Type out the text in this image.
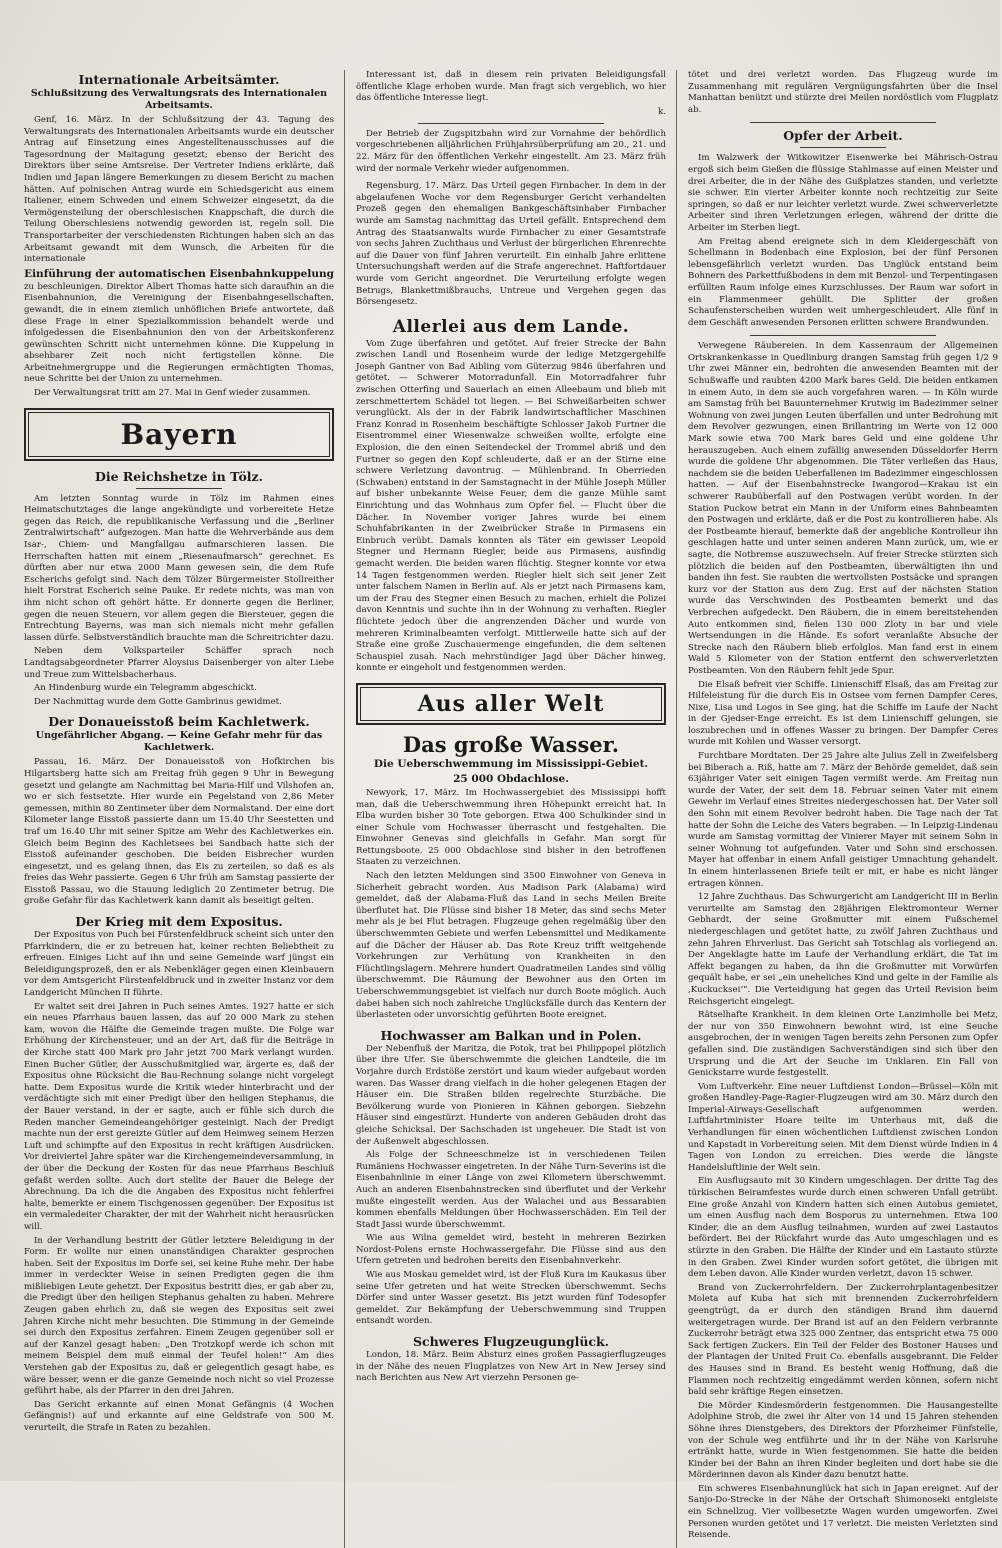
Internationale Arbeitsämter.
Schlußsitzung des Verwaltungsrats des Internationalen Arbeitsamts.

Genf, 16. März. In der Schlußsitzung der 43. Tagung des Verwaltungsrats des Internationalen Arbeitsamts wurde ein deutscher Antrag auf Einsetzung eines Angestelltenausschusses auf die Tagesordnung der Maitagung gesetzt; ebenso der Bericht des Direktors über seine Amtsreise. Der Vertreter Indiens erklärte, daß Indien und Japan längere Bemerkungen zu diesem Bericht zu machen hätten. Auf polnischen Antrag wurde ein Schiedsgericht aus einem Italiener, einem Schweden und einem Schweizer eingesetzt, da die Vermögensteilung der oberschlesischen Knappschaft, die durch die Teilung Oberschlesiens notwendig geworden ist, regeln soll. Die Transportarbeiter der verschiedensten Richtungen haben sich an das Arbeitsamt gewandt mit dem Wunsch, die Arbeiten für die internationale

Einführung der automatischen Eisenbahnkuppelung

zu beschleunigen. Direktor Albert Thomas hatte sich daraufhin an die Eisenbahnunion, die Vereinigung der Eisenbahngesellschaften, gewandt, die in einem ziemlich unhöflichen Briefe antwortete, daß diese Frage in einer Spezialkommission behandelt werde und infolgedessen die Eisenbahnunion den von der Arbeitskonferenz gewünschten Schritt nicht unternehmen könne. Die Kuppelung in absehbarer Zeit noch nicht fertigstellen könne. Die Arbeitnehmergruppe und die Regierungen ermächtigten Thomas, neue Schritte bei der Union zu unternehmen.

Der Verwaltungsrat tritt am 27. Mai in Genf wieder zusammen.

Bayern
Die Reichshetze in Tölz.

Am letzten Sonntag wurde in Tölz im Rahmen eines Heimatschutztages die lange angekündigte und vorbereitete Hetze gegen das Reich, die republikanische Verfassung und die „Berliner Zentralwirtschaft“ aufgezogen. Man hatte die Wehrverbände aus dem Isar-, Chiem- und Mangfallgau aufmarschieren lassen. Die Herrschaften hatten mit einem „Riesenaufmarsch“ gerechnet. Es dürften aber nur etwa 2000 Mann gewesen sein, die dem Rufe Escherichs gefolgt sind. Nach dem Tölzer Bürgermeister Stollreither hielt Forstrat Escherich seine Pauke. Er redete nichts, was man von ihm nicht schon oft gehört hätte. Er donnerte gegen die Berliner, gegen die neuen Steuern, vor allem gegen die Biersteuer, gegen die Entrechtung Bayerns, was man sich niemals nicht mehr gefallen lassen dürfe. Selbstverständlich brauchte man die Schreitrichter dazu.

Neben dem Volksparteiler Schäffer sprach noch Landtagsabgeordneter Pfarrer Aloysius Daisenberger von alter Liebe und Treue zum Wittelsbacherhaus.

An Hindenburg wurde ein Telegramm abgeschickt.

Der Nachmittag wurde dem Gotte Gambrinus gewidmet.

Der Donaueisstoß beim Kachletwerk.
Ungefährlicher Abgang. — Keine Gefahr mehr für das Kachletwerk.

Passau, 16. März. Der Donaueisstoß von Hofkirchen bis Hilgartsberg hatte sich am Freitag früh gegen 9 Uhr in Bewegung gesetzt und gelangte am Nachmittag bei Maria-Hilf und Vilshofen an, wo er sich festsetzte. Hier wurde ein Pegelstand von 2,86 Meter gemessen, mithin 80 Zentimeter über dem Normalstand. Der eine dort Kilometer lange Eisstoß passierte dann um 15.40 Uhr Seestetten und traf um 16.40 Uhr mit seiner Spitze am Wehr des Kachletwerkes ein. Gleich beim Beginn des Kachletsees bei Sandbach hatte sich der Eisstoß aufeinander geschoben. Die beiden Eisbrecher wurden eingesetzt, und es gelang ihnen, das Eis zu zerteilen, so daß es als freies das Wehr passierte. Gegen 6 Uhr früh am Samstag passierte der Eisstoß Passau, wo die Stauung lediglich 20 Zentimeter betrug. Die große Gefahr für das Kachletwerk kann damit als beseitigt gelten.

Der Krieg mit dem Expositus.

Der Expositus von Puch bei Fürstenfeldbruck scheint sich unter den Pfarrkindern, die er zu betreuen hat, keiner rechten Beliebtheit zu erfreuen. Einiges Licht auf ihn und seine Gemeinde warf jüngst ein Beleidigungsprozeß, den er als Nebenkläger gegen einen Kleinbauern vor dem Amtsgericht Fürstenfeldbruck und in zweiter Instanz vor dem Landgericht München II führte.

Er waltet seit drei Jahren in Puch seines Amtes. 1927 hatte er sich ein neues Pfarrhaus bauen lassen, das auf 20 000 Mark zu stehen kam, wovon die Hälfte die Gemeinde tragen mußte. Die Folge war Erhöhung der Kirchensteuer, und an der Art, daß für die Beiträge in der Kirche statt 400 Mark pro Jahr jetzt 700 Mark verlangt wurden. Einen Bucher Gütler, der Ausschußmitglied war, ärgerte es, daß der Expositus ohne Rücksicht die Bau-Rechnung solange nicht vorgelegt hatte. Dem Expositus wurde die Kritik wieder hinterbracht und der verdächtigte sich mit einer Predigt über den heiligen Stephanus, die der Bauer verstand, in der er sagte, auch er fühle sich durch die Reden mancher Gemeindeangehöriger gesteinigt. Nach der Predigt machte nun der erst gereizte Gütler auf dem Heimweg seinem Herzen Luft und schimpfte auf den Expositus in recht kräftigen Ausdrücken. Vor dreiviertel Jahre später war die Kirchengemeindeversammlung, in der über die Deckung der Kosten für das neue Pfarrhaus Beschluß gefaßt werden sollte. Auch dort stellte der Bauer die Belege der Abrechnung. Da ich die die Angaben des Expositus nicht fehlerfrei halte, bemerkte er einem Tischgenossen gegenüber: Der Expositus ist ein vermaledeiter Charakter, der mit der Wahrheit nicht herausrücken will.

In der Verhandlung bestritt der Gütler letztere Beleidigung in der Form. Er wollte nur einen unanständigen Charakter gesprochen haben. Seit der Expositus im Dorfe sei, sei keine Ruhe mehr. Der habe immer in verdeckter Weise in seinen Predigten gegen die ihm mißliebigen Leute gehetzt. Der Expositus bestritt dies, er gab aber zu, die Predigt über den heiligen Stephanus gehalten zu haben. Mehrere Zeugen gaben ehrlich zu, daß sie wegen des Expositus seit zwei Jahren Kirche nicht mehr besuchten. Die Stimmung in der Gemeinde sei durch den Expositus zerfahren. Einem Zeugen gegenüber soll er auf der Kanzel gesagt haben: „Den Trotzkopf werde ich schon mit meinem Beispiel dem muß einmal der Teufel holen!“ Am dies Verstehen gab der Expositus zu, daß er gelegentlich gesagt habe, es wäre besser, wenn er die ganze Gemeinde noch nicht so viel Prozesse geführt habe, als der Pfarrer in den drei Jahren.

Das Gericht erkannte auf einen Monat Gefängnis (4 Wochen Gefängnis!) auf und erkannte auf eine Geldstrafe von 500 M. verurteilt, die Strafe in Raten zu bezahlen.

Interessant ist, daß in diesem rein privaten Beleidigungsfall öffentliche Klage erhoben wurde. Man fragt sich vergeblich, wo hier das öffentliche Interesse liegt.

k.

Der Betrieb der Zugspitzbahn wird zur Vornahme der behördlich vorgeschriebenen alljährlichen Frühjahrsüberprüfung am 20., 21. und 22. März für den öffentlichen Verkehr eingestellt. Am 23. März früh wird der normale Verkehr wieder aufgenommen.

Regensburg, 17. März. Das Urteil gegen Firnbacher. In dem in der abgelaufenen Woche vor dem Regensburger Gericht verhandelten Prozeß gegen den ehemaligen Bankgeschäftsinhaber Firnbacher wurde am Samstag nachmittag das Urteil gefällt. Entsprechend dem Antrag des Staatsanwalts wurde Firnbacher zu einer Gesamtstrafe von sechs Jahren Zuchthaus und Verlust der bürgerlichen Ehrenrechte auf die Dauer von fünf Jahren verurteilt. Ein einhalb Jahre erlittene Untersuchungshaft werden auf die Strafe angerechnet. Haftfortdauer wurde vom Gericht angeordnet. Die Verurteilung erfolgte wegen Betrugs, Blankettmißbrauchs, Untreue und Vergehen gegen das Börsengesetz.

Allerlei aus dem Lande.

Vom Zuge überfahren und getötet. Auf freier Strecke der Bahn zwischen Landl und Rosenheim wurde der ledige Metzgergehilfe Joseph Gantner von Bad Aibling vom Güterzug 9846 überfahren und getötet. — Schwerer Motorradunfall. Ein Motorradfahrer fuhr zwischen Otterfing und Sauerlach an einen Alleebaum und blieb mit zerschmettertem Schädel tot liegen. — Bei Schweißarbeiten schwer verunglückt. Als der in der Fabrik landwirtschaftlicher Maschinen Franz Konrad in Rosenheim beschäftigte Schlosser Jakob Furtner die Eisentrommel einer Wiesenwalze schweißen wollte, erfolgte eine Explosion, die den einen Seitendeckel der Trommel abriß und den Furtner so gegen den Kopf schleuderte, daß er an der Stirne eine schwere Verletzung davontrug. — Mühlenbrand. In Oberrieden (Schwaben) entstand in der Samstagnacht in der Mühle Joseph Müller auf bisher unbekannte Weise Feuer, dem die ganze Mühle samt Einrichtung und das Wohnhaus zum Opfer fiel. — Flucht über die Dächer. In November voriger Jahres wurde bei einem Schuhfabrikanten in der Zweibrücker Straße in Pirmasens ein Einbruch verübt. Damals konnten als Täter ein gewisser Leopold Stegner und Hermann Riegler, beide aus Pirmasens, ausfindig gemacht werden. Die beiden waren flüchtig. Stegner konnte vor etwa 14 Tagen festgenommen werden. Riegler hielt sich seit jener Zeit unter falschem Namen in Berlin auf. Als er jetzt nach Pirmasens kam, um der Frau des Stegner einen Besuch zu machen, erhielt die Polizei davon Kenntnis und suchte ihn in der Wohnung zu verhaften. Riegler flüchtete jedoch über die angrenzenden Dächer und wurde von mehreren Kriminalbeamten verfolgt. Mittlerweile hatte sich auf der Straße eine große Zuschauermenge eingefunden, die dem seltenen Schauspiel zusah. Nach mehrstündiger Jagd über Dächer hinweg, konnte er eingeholt und festgenommen werden.

Aus aller Welt
Das große Wasser.
Die Ueberschwemmung im Mississippi-Gebiet.
25 000 Obdachlose.

Newyork, 17. März. Im Hochwassergebiet des Mississippi hofft man, daß die Ueberschwemmung ihren Höhepunkt erreicht hat. In Elba wurden bisher 30 Tote geborgen. Etwa 400 Schulkinder sind in einer Schule vom Hochwasser überrascht und festgehalten. Die Einwohner Genevas sind gleichfalls in Gefahr. Man sorgt für Rettungsboote. 25 000 Obdachlose sind bisher in den betroffenen Staaten zu verzeichnen.

Nach den letzten Meldungen sind 3500 Einwohner von Geneva in Sicherheit gebracht worden. Aus Madison Park (Alabama) wird gemeldet, daß der Alabama-Fluß das Land in sechs Meilen Breite überflutet hat. Die Flüsse sind bisher 18 Meter, das sind sechs Meter mehr als je bei Flut betragen. Flugzeuge gehen regelmäßig über den überschwemmten Gebiete und werfen Lebensmittel und Medikamente auf die Dächer der Häuser ab. Das Rote Kreuz trifft weitgehende Vorkehrungen zur Verhütung von Krankheiten in den Flüchtlingslagern. Mehrere hundert Quadratmeilen Landes sind völlig überschwemmt. Die Räumung der Bewohner aus den Orten im Ueberschwemmungsgebiet ist vielfach nur durch Boote möglich. Auch dabei haben sich noch zahlreiche Unglücksfälle durch das Kentern der überlasteten oder unvorsichtig geführten Boote ereignet.

Hochwasser am Balkan und in Polen.

Der Nebenfluß der Maritza, die Potok, trat bei Philippopel plötzlich über ihre Ufer. Sie überschwemmte die gleichen Landteile, die im Vorjahre durch Erdstöße zerstört und kaum wieder aufgebaut worden waren. Das Wasser drang vielfach in die hoher gelegenen Etagen der Häuser ein. Die Straßen bilden regelrechte Sturzbäche. Die Bevölkerung wurde von Pionieren in Kähnen geborgen. Siebzehn Häuser sind eingestürzt. Hunderte von anderen Gebäuden droht das gleiche Schicksal. Der Sachschaden ist ungeheuer. Die Stadt ist von der Außenwelt abgeschlossen.

Als Folge der Schneeschmelze ist in verschiedenen Teilen Rumäniens Hochwasser eingetreten. In der Nähe Turn-Severins ist die Eisenbahnlinie in einer Länge von zwei Kilometern überschwemmt. Auch an anderen Eisenbahnstrecken sind überflutet und der Verkehr mußte eingestellt werden. Aus der Walachei und aus Bessarabien kommen ebenfalls Meldungen über Hochwasserschäden. Ein Teil der Stadt Jassi wurde überschwemmt.

Wie aus Wilna gemeldet wird, besteht in mehreren Bezirken Nordost-Polens ernste Hochwassergefahr. Die Flüsse sind aus den Ufern getreten und bedrohen bereits den Eisenbahnverkehr.

Wie aus Moskau gemeldet wird, ist der Fluß Kura im Kaukasus über seine Ufer getreten und hat weite Strecken überschwemmt. Sechs Dörfer sind unter Wasser gesetzt. Bis jetzt wurden fünf Todesopfer gemeldet. Zur Bekämpfung der Ueberschwemmung sind Truppen entsandt worden.

Schweres Flugzeugunglück.

London, 18. März. Beim Absturz eines großen Passagierflugzeuges in der Nähe des neuen Flugplatzes von New Art in New Jersey sind nach Berichten aus New Art vierzehn Personen ge-

tötet und drei verletzt worden. Das Flugzeug wurde im Zusammenhang mit regulären Vergnügungsfahrten über die Insel Manhattan benützt und stürzte drei Meilen nordöstlich vom Flugplatz ab.

Opfer der Arbeit.

Im Walzwerk der Witkowitzer Eisenwerke bei Mährisch-Ostrau ergoß sich beim Gießen die flüssige Stahlmasse auf einen Meister und drei Arbeiter, die in der Nähe des Gußplatzes standen, und verletzte sie schwer. Ein vierter Arbeiter konnte noch rechtzeitig zur Seite springen, so daß er nur leichter verletzt wurde. Zwei schwerverletzte Arbeiter sind ihren Verletzungen erlegen, während der dritte die Arbeiter im Sterben liegt.

Am Freitag abend ereignete sich in dem Kleidergeschäft von Schellmann in Bodenbach eine Explosion, bei der fünf Personen lebensgefährlich verletzt wurden. Das Unglück entstand beim Bohnern des Parkettfußbodens in dem mit Benzol- und Terpentingasen erfüllten Raum infolge eines Kurzschlusses. Der Raum war sofort in ein Flammenmeer gehüllt. Die Splitter der großen Schaufensterscheiben wurden weit umhergeschleudert. Alle fünf in dem Geschäft anwesenden Personen erlitten schwere Brandwunden.

Verwegene Räubereien. In dem Kassenraum der Allgemeinen Ortskrankenkasse in Quedlinburg drangen Samstag früh gegen 1/2 9 Uhr zwei Männer ein, bedrohten die anwesenden Beamten mit der Schußwaffe und raubten 4200 Mark bares Geld. Die beiden entkamen in einem Auto, in dem sie auch vorgefahren waren. — In Köln wurde am Samstag früh bei Bauunternehmer Krutwig im Badezimmer seiner Wohnung von zwei jungen Leuten überfallen und unter Bedrohung mit dem Revolver gezwungen, einen Brillantring im Werte von 12 000 Mark sowie etwa 700 Mark bares Geld und eine goldene Uhr herauszugeben. Auch einem zufällig anwesenden Düsseldorfer Herrn wurde die goldene Uhr abgenommen. Die Täter verließen das Haus, nachdem sie die beiden Ueberfallenen im Badezimmer eingeschlossen hatten. — Auf der Eisenbahnstrecke Iwangorod—Krakau ist ein schwerer Raubüberfall auf den Postwagen verübt worden. In der Station Puckow betrat ein Mann in der Uniform eines Bahnbeamten den Postwagen und erklärte, daß er die Post zu kontrollieren habe. Als der Postbeamte hierauf, bemerkte daß der angebliche Kontrolleur ihn geschlagen hatte und unter seinen anderen Mann zurück, um, wie er sagte, die Notbremse auszuwechseln. Auf freier Strecke stürzten sich plötzlich die beiden auf den Postbeamten, überwältigten ihn und banden ihn fest. Sie raubten die wertvollsten Postsäcke und sprangen kurz vor der Station aus dem Zug. Erst auf der nächsten Station wurde das Verschwinden des Postbeamten bemerkt und das Verbrechen aufgedeckt. Den Räubern, die in einem bereitstehenden Auto entkommen sind, fielen 130 000 Zloty in bar und viele Wertsendungen in die Hände. Es sofort veranlaßte Absuche der Strecke nach den Räubern blieb erfolglos. Man fand erst in einem Wald 5 Kilometer von der Station entfernt den schwerverletzten Postbeamten. Von den Räubern fehlt jede Spur.

Die Elsaß befreit vier Schiffe. Linienschiff Elsaß, das am Freitag zur Hilfeleistung für die durch Eis in Ostsee vom fernen Dampfer Ceres, Nixe, Lisa und Logos in See ging, hat die Schiffe im Laufe der Nacht in der Gjedser-Enge erreicht. Es ist dem Linienschiff gelungen, sie loszubrechen und in offenes Wasser zu bringen. Der Dampfer Ceres wurde mit Kohlen und Wasser versorgt.

Furchtbare Mordtaten. Der 25 Jahre alte Julius Zell in Zweifelsberg bei Biberach a. Riß, hatte am 7. März der Behörde gemeldet, daß sein 63jähriger Vater seit einigen Tagen vermißt werde. Am Freitag nun wurde der Vater, der seit dem 18. Februar seinen Vater mit einem Gewehr im Verlauf eines Streites niedergeschossen hat. Der Vater soll den Sohn mit einem Revolver bedroht haben. Die Tage nach der Tat hatte der Sohn die Leiche des Vaters begraben. — In Leipzig-Lindenau wurde am Samstag vormittag der Vinierer Mayer mit seinem Sohn in seiner Wohnung tot aufgefunden. Vater und Sohn sind erschossen. Mayer hat offenbar in einem Anfall geistiger Umnachtung gehandelt. In einem hinterlassenen Briefe teilt er mit, er habe es nicht länger ertragen können.

12 Jahre Zuchthaus. Das Schwurgericht am Landgericht III in Berlin verurteilte am Samstag den 28jährigen Elektromonteur Werner Gebhardt, der seine Großmutter mit einem Fußschemel niedergeschlagen und getötet hatte, zu zwölf Jahren Zuchthaus und zehn Jahren Ehrverlust. Das Gericht sah Totschlag als vorliegend an. Der Angeklagte hatte im Laufe der Verhandlung erklärt, die Tat im Affekt begangen zu haben, da ihn die Großmutter mit Vorwürfen gequält habe, er sei „ein uneheliches Kind und gelte in der Familie als ‚Kuckucksei‘“. Die Verteidigung hat gegen das Urteil Revision beim Reichsgericht eingelegt.

Rätselhafte Krankheit. In dem kleinen Orte Lanzimholle bei Metz, der nur von 350 Einwohnern bewohnt wird, ist eine Seuche ausgebrochen, der in wenigen Tagen bereits zehn Personen zum Opfer gefallen sind. Die zuständigen Sachverständigen sind sich über den Ursprung und die Art der Seuche im Unklaren. Ein Fall von Genickstarre wurde festgestellt.

Vom Luftverkehr. Eine neuer Luftdienst London—Brüssel—Köln mit großen Handley-Page-Ragier-Flugzeugen wird am 30. März durch den Imperial-Airways-Gesellschaft aufgenommen werden. Luftfahrtminister Hoare teilte im Unterhaus mit, daß die Verhandlungen für einen wöchentlichen Luftdienst zwischen London und Kapstadt in Vorbereitung seien. Mit dem Dienst würde Indien in 4 Tagen von London zu erreichen. Dies werde die längste Handelsluftlinie der Welt sein.

Ein Ausflugsauto mit 30 Kindern umgeschlagen. Der dritte Tag des türkischen Beiramfestes wurde durch einen schweren Unfall getrübt. Eine große Anzahl von Kindern hatten sich einen Autobus gemietet, um einen Ausflug nach dem Bosporus zu unternehmen. Etwa 100 Kinder, die an dem Ausflug teilnahmen, wurden auf zwei Lastautos befördert. Bei der Rückfahrt wurde das Auto umgeschlagen und es stürzte in den Graben. Die Hälfte der Kinder und ein Lastauto stürzte in den Graben. Zwei Kinder wurden sofort getötet, die übrigen mit dem Leben davon. Alle Kinder wurden verletzt, davon 15 schwer.

Brand von Zuckerrohrfeldern. Der Zuckerrohrplantagenbesitzer Moleta auf Kuba hat sich mit brennenden Zuckerrohrfeldern geengtrügt, da er durch den ständigen Brand ihm dauernd weitergetragen wurde. Der Brand ist auf an den Feldern verbrannte Zuckerrohr beträgt etwa 325 000 Zentner, das entspricht etwa 75 000 Sack fertigen Zuckers. Ein Teil der Felder des Bostoner Hauses und der Plantagen der United Fruit Co. ebenfalls ausgebrannt. Die Felder des Hauses sind in Brand. Es besteht wenig Hoffnung, daß die Flammen noch rechtzeitig eingedämmt werden können, sofern nicht bald sehr kräftige Regen einsetzen.

Die Mörder Kindesmörderin festgenommen. Die Hausangestellte Adolphine Strob, die zwei ihr Alter von 14 und 15 Jahren stehenden Söhne ihres Dienstgebers, des Direktors der Pforzheimer Fünfstelle, von der Schule weg entführte und ihr in der Nähe von Karlsruhe ertränkt hatte, wurde in Wien festgenommen. Sie hatte die beiden Kinder bei der Bahn an ihren Kinder begleiten und dort habe sie die Mörderinnen davon als Kinder dazu benutzt hatte.

Ein schweres Eisenbahnunglück hat sich in Japan ereignet. Auf der Sanjo-Do-Strecke in der Nähe der Ortschaft Shimonoseki entgleiste ein Schnellzug. Vier vollbesetzte Wagen wurden umgeworfen. Zwei Personen wurden getötet und 17 verletzt. Die meisten Verletzten sind Reisende.
